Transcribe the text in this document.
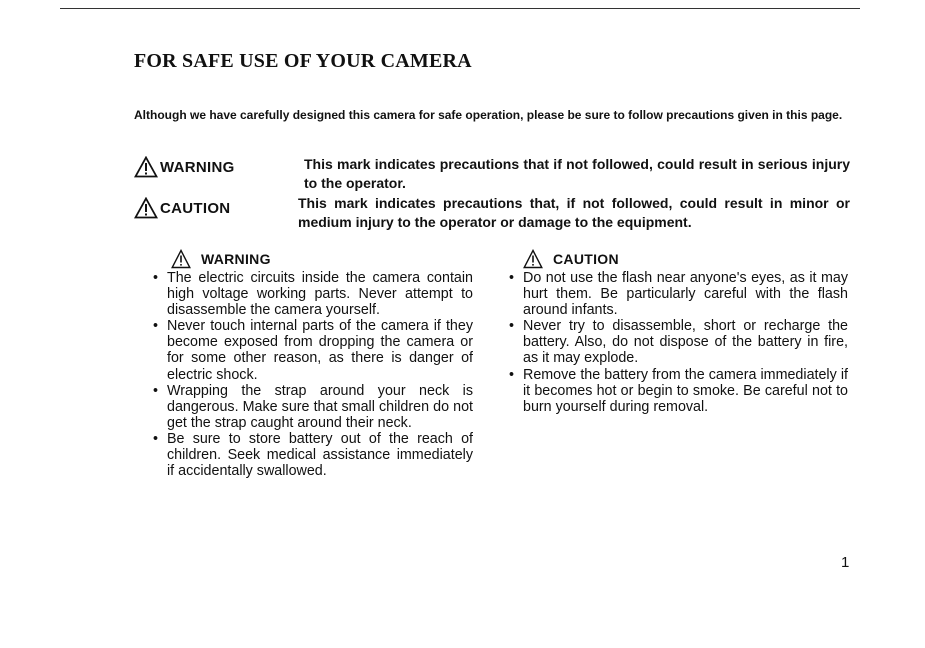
FOR SAFE USE OF YOUR CAMERA

Although we have carefully designed this camera for safe operation, please be sure to follow precautions given in this page.

WARNING	This mark indicates precautions that if not followed, could result in serious injury to the operator.

CAUTION	This mark indicates precautions that, if not followed, could result in minor or medium injury to the operator or damage to the equipment.

WARNING
• The electric circuits inside the camera contain high voltage working parts. Never attempt to disassemble the camera yourself.
• Never touch internal parts of the camera if they become exposed from dropping the camera or for some other reason, as there is danger of electric shock.
• Wrapping the strap around your neck is dangerous. Make sure that small children do not get the strap caught around their neck.
• Be sure to store battery out of the reach of children. Seek medical assistance immediately if accidentally swallowed.
CAUTION
• Do not use the flash near anyone's eyes, as it may hurt them. Be particularly careful with the flash around infants.
• Never try to disassemble, short or recharge the battery. Also, do not dispose of the battery in fire, as it may explode.
• Remove the battery from the camera immediately if it becomes hot or begin to smoke. Be careful not to burn yourself during removal.
1
